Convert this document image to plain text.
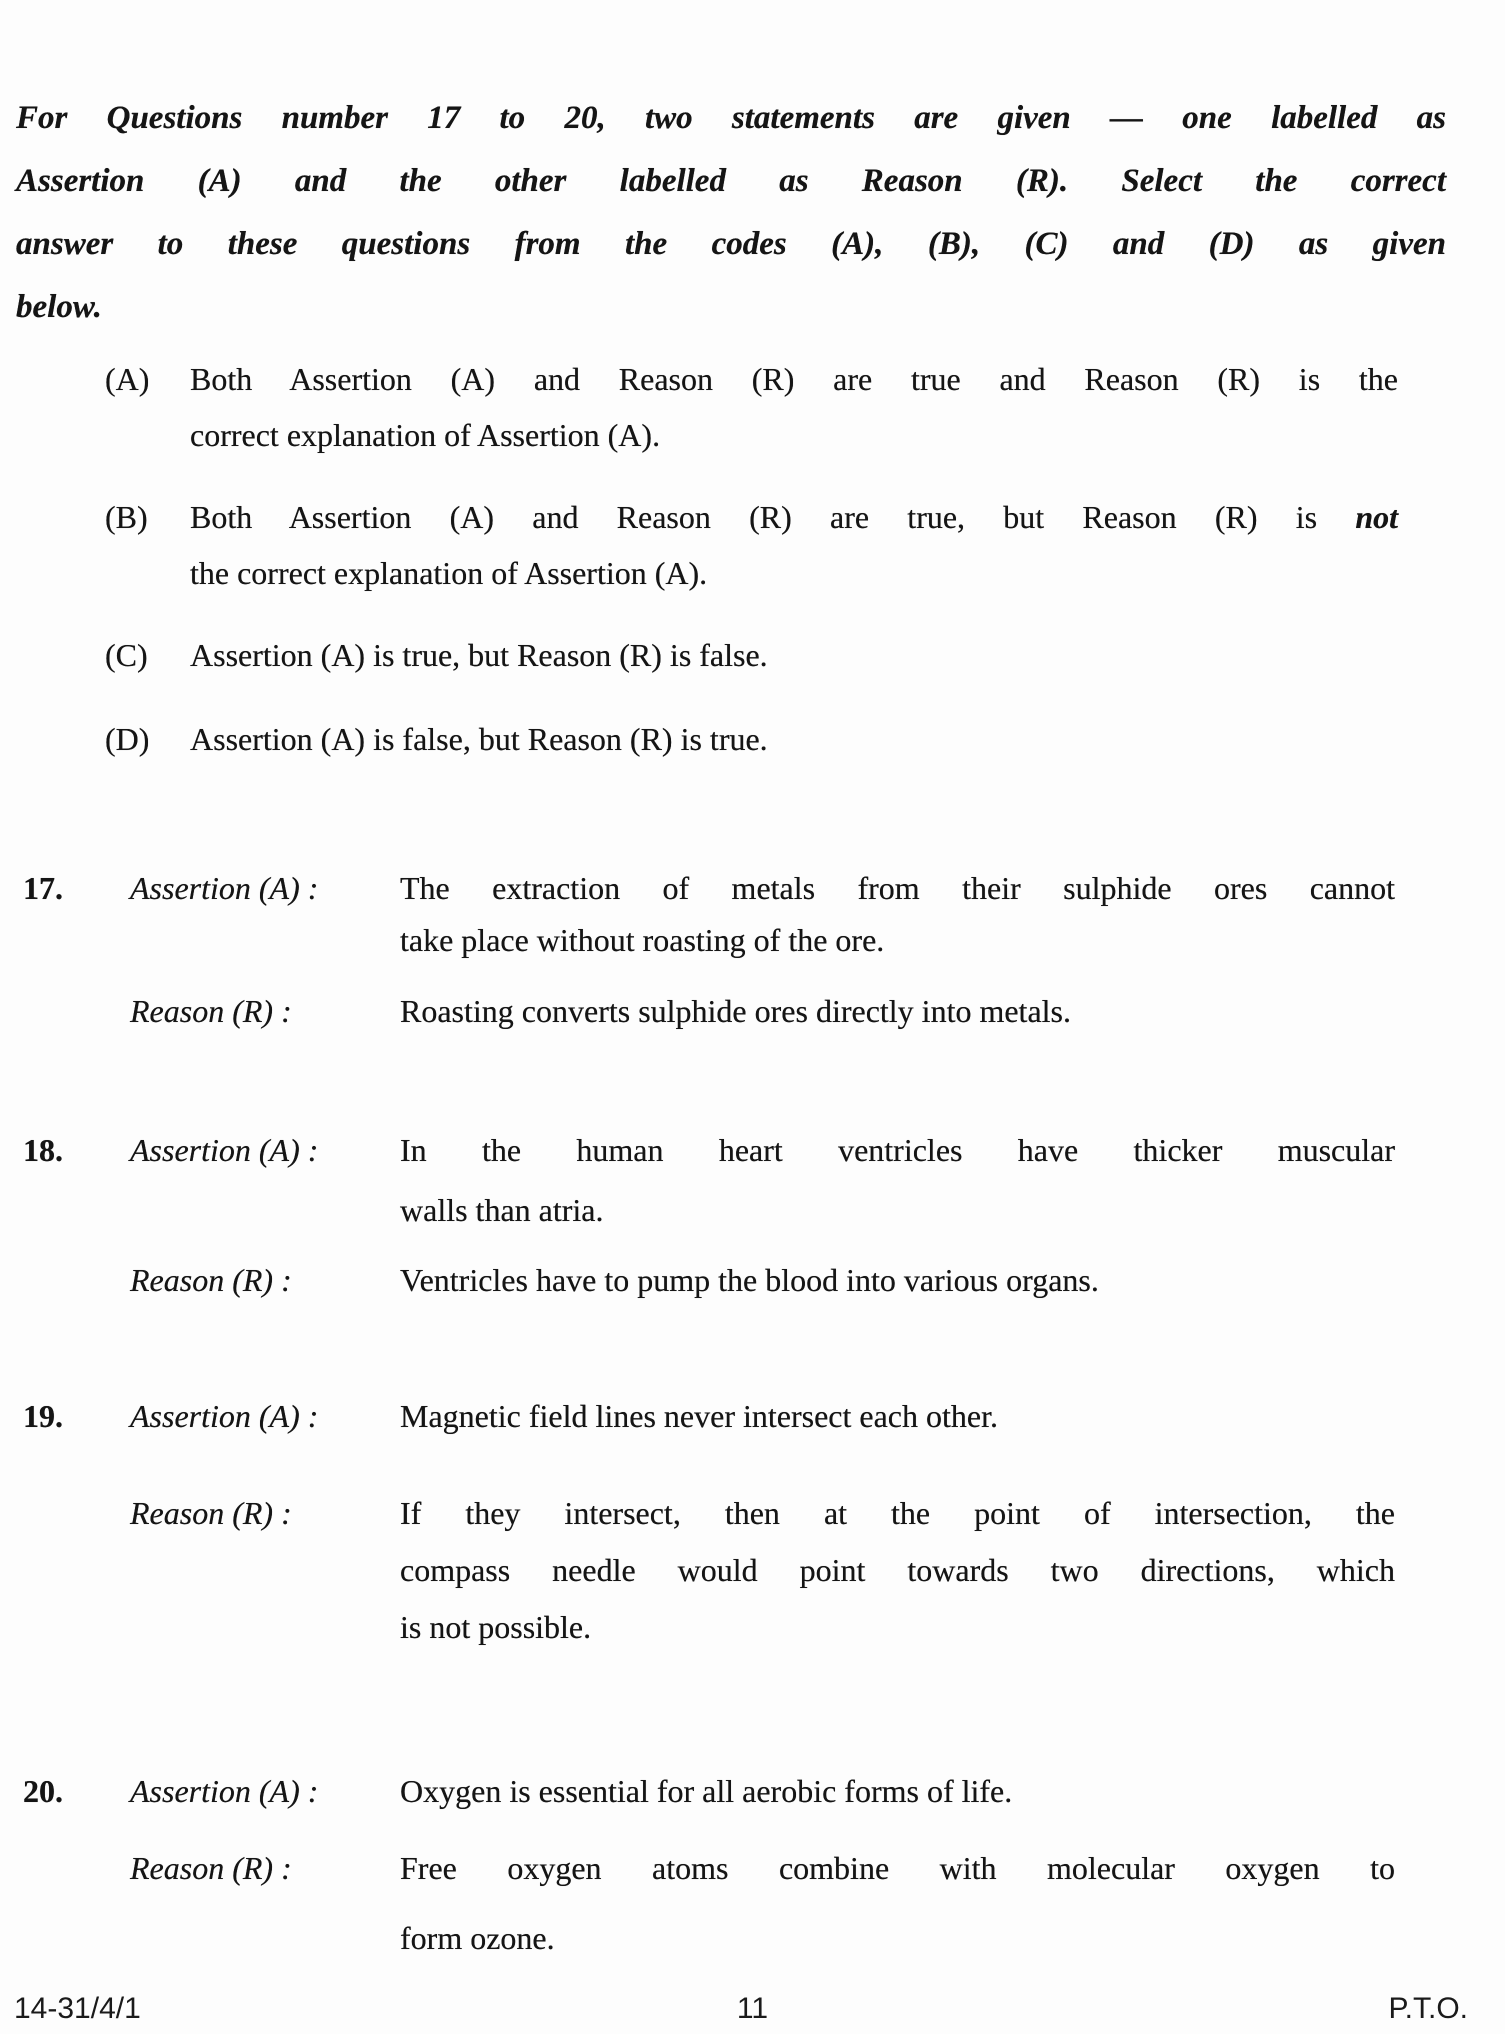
For Questions number 17 to 20, two statements are given — one labelled as
Assertion (A) and the other labelled as Reason (R). Select the correct
answer to these questions from the codes (A), (B), (C) and (D) as given
below.
(A)	Both Assertion (A) and Reason (R) are true and Reason (R) is the
correct explanation of Assertion (A).
(B)	Both Assertion (A) and Reason (R) are true, but Reason (R) is not
the correct explanation of Assertion (A).
(C)	Assertion (A) is true, but Reason (R) is false.
(D)	Assertion (A) is false, but Reason (R) is true.
17.	Assertion (A) :	The extraction of metals from their sulphide ores cannot
take place without roasting of the ore.
Reason (R) :	Roasting converts sulphide ores directly into metals.
18.	Assertion (A) :	In the human heart ventricles have thicker muscular
walls than atria.
Reason (R) :	Ventricles have to pump the blood into various organs.
19.	Assertion (A) :	Magnetic field lines never intersect each other.
Reason (R) :	If they intersect, then at the point of intersection, the
compass needle would point towards two directions, which
is not possible.
20.	Assertion (A) :	Oxygen is essential for all aerobic forms of life.
Reason (R) :	Free oxygen atoms combine with molecular oxygen to
form ozone.
14-31/4/1	11	P.T.O.
